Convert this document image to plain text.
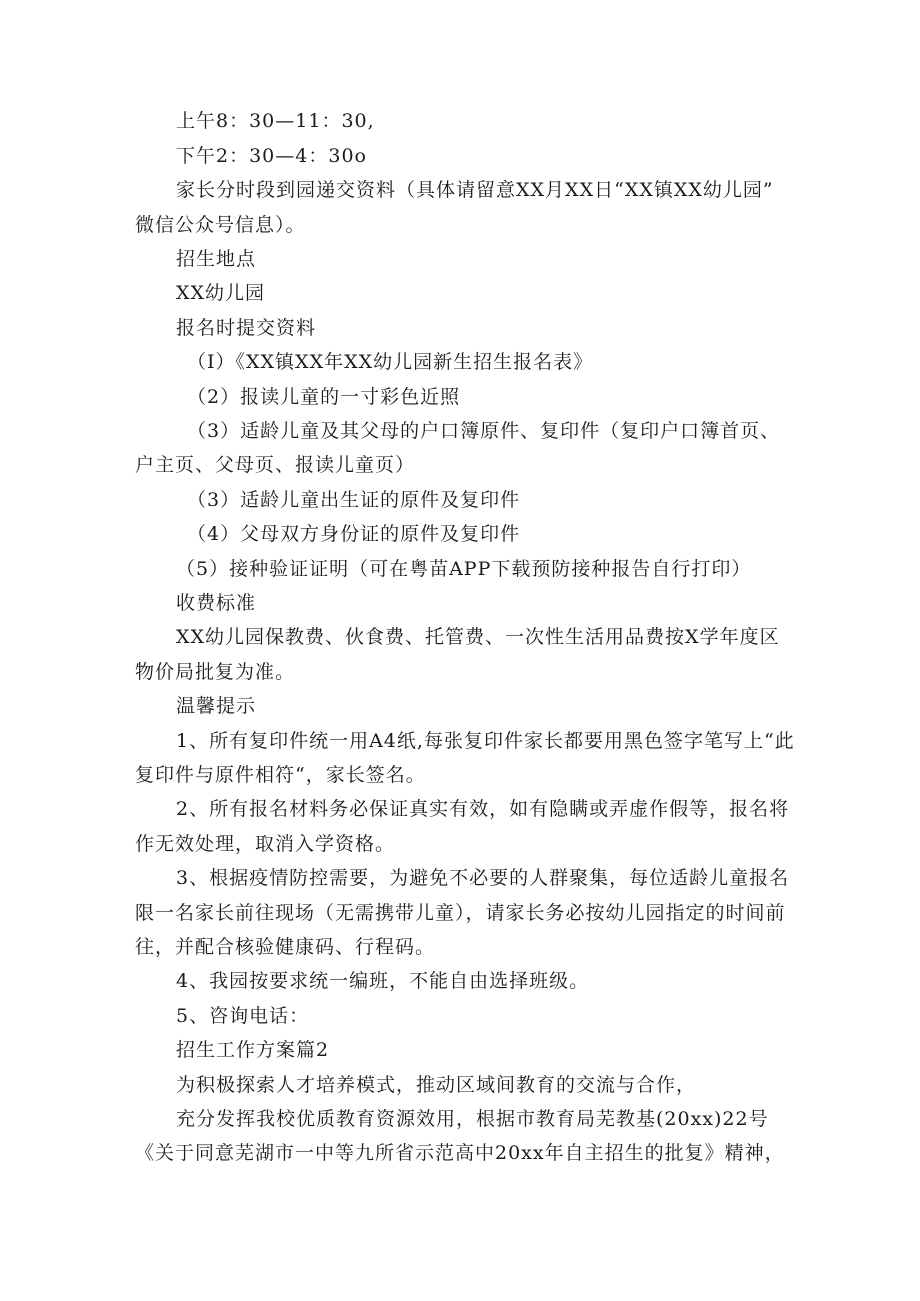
上午8：30—11：30,
下午2：30—4：30o
家长分时段到园递交资料（具体请留意XX月XX日“XX镇XX幼儿园”
微信公众号信息）。
招生地点
XX幼儿园
报名时提交资料
（I）《XX镇XX年XX幼儿园新生招生报名表》
（2）报读儿童的一寸彩色近照
（3）适龄儿童及其父母的户口簿原件、复印件（复印户口簿首页、
户主页、父母页、报读儿童页）
（3）适龄儿童出生证的原件及复印件
（4）父母双方身份证的原件及复印件
（5）接种验证证明（可在粤苗APP下载预防接种报告自行打印）
收费标准
XX幼儿园保教费、伙食费、托管费、一次性生活用品费按X学年度区
物价局批复为准。
温馨提示
1、所有复印件统一用A4纸,每张复印件家长都要用黑色签字笔写上“此
复印件与原件相符“，家长签名。
2、所有报名材料务必保证真实有效，如有隐瞒或弄虚作假等，报名将
作无效处理，取消入学资格。
3、根据疫情防控需要，为避免不必要的人群聚集，每位适龄儿童报名
限一名家长前往现场（无需携带儿童），请家长务必按幼儿园指定的时间前
往，并配合核验健康码、行程码。
4、我园按要求统一编班，不能自由选择班级。
5、咨询电话：
招生工作方案篇2
为积极探索人才培养模式，推动区域间教育的交流与合作，
充分发挥我校优质教育资源效用，根据市教育局芜教基(20xx)22号
《关于同意芜湖市一中等九所省示范高中20xx年自主招生的批复》精神，
